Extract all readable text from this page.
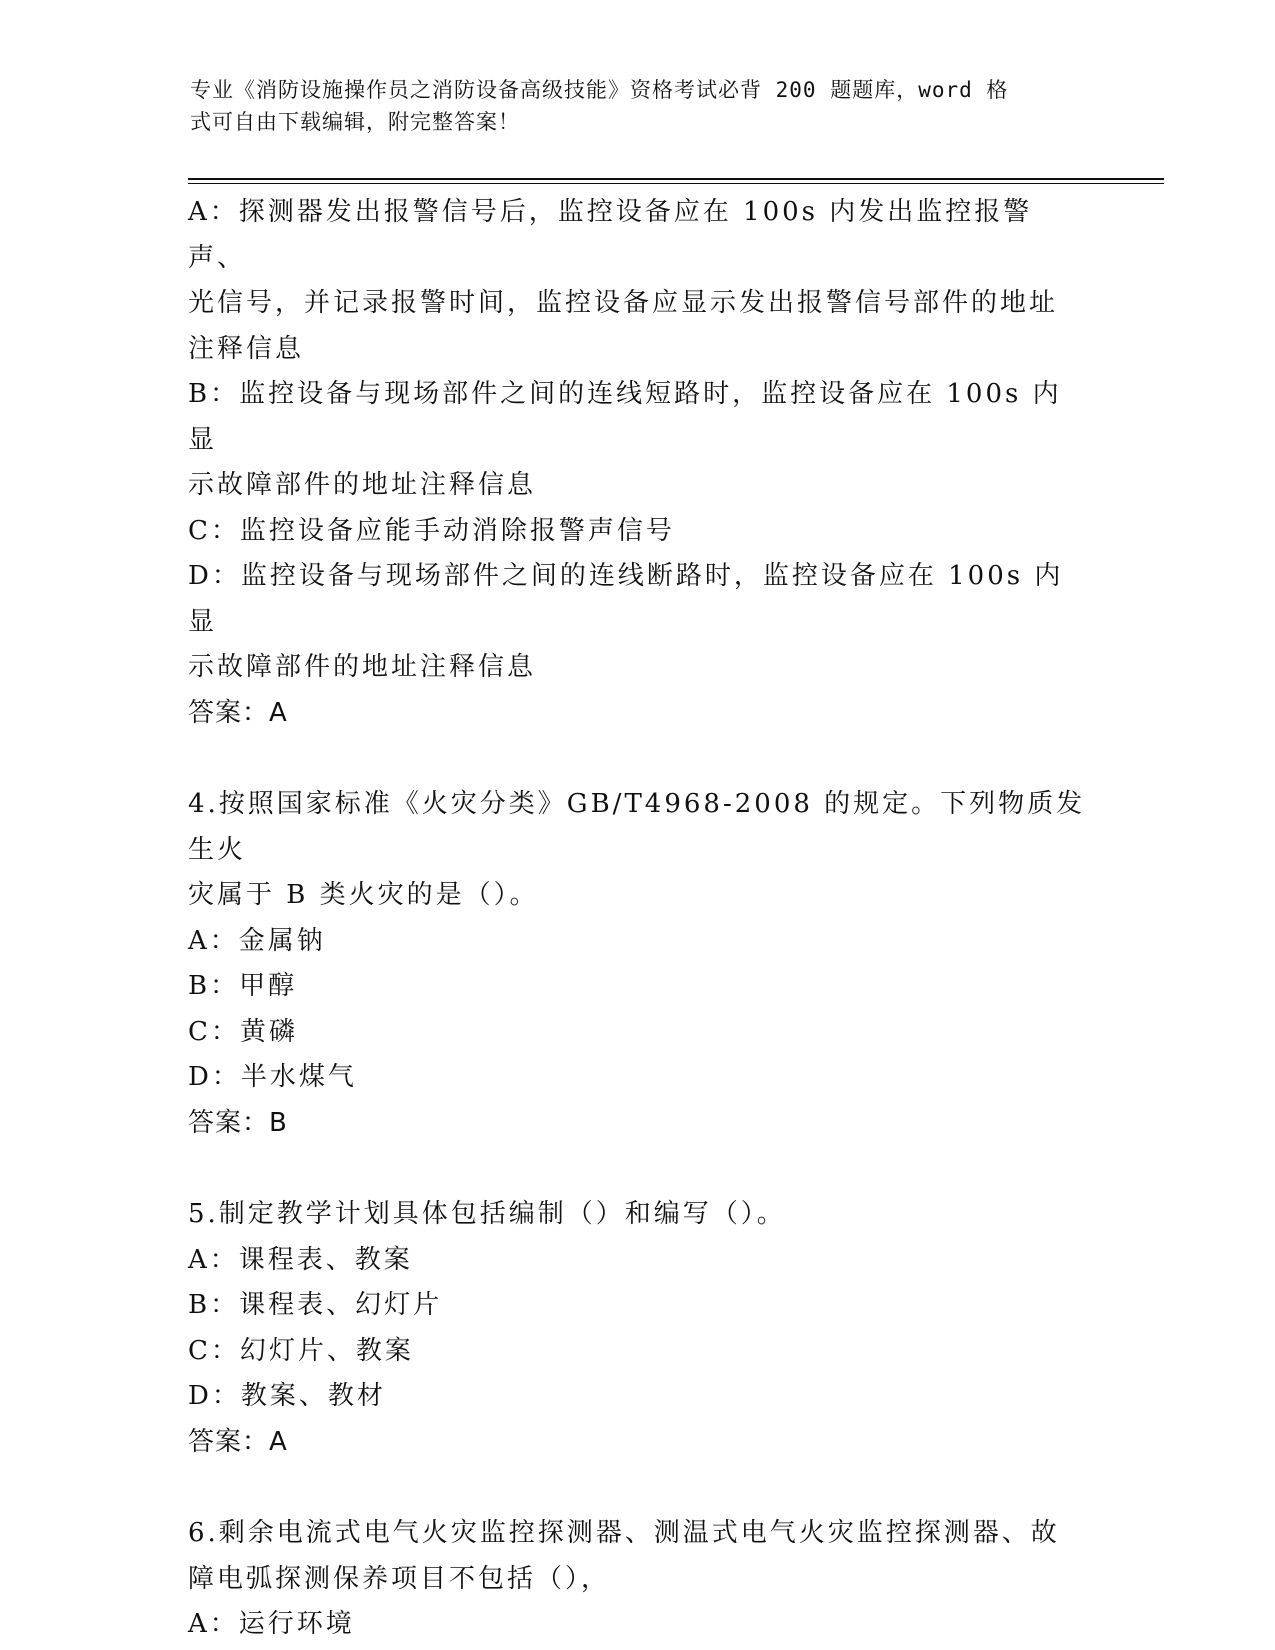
专业《消防设施操作员之消防设备高级技能》资格考试必背 200 题题库，word 格
式可自由下载编辑，附完整答案！
A：探测器发出报警信号后，监控设备应在 100s 内发出监控报警声、
光信号，并记录报警时间，监控设备应显示发出报警信号部件的地址
注释信息
B：监控设备与现场部件之间的连线短路时，监控设备应在 100s 内显
示故障部件的地址注释信息
C：监控设备应能手动消除报警声信号
D：监控设备与现场部件之间的连线断路时，监控设备应在 100s 内显
示故障部件的地址注释信息
答案：A
4.按照国家标准《火灾分类》GB/T4968-2008 的规定。下列物质发生火
灾属于 B 类火灾的是（）。
A：金属钠
B：甲醇
C：黄磷
D：半水煤气
答案：B
5.制定教学计划具体包括编制（）和编写（）。
A：课程表、教案
B：课程表、幻灯片
C：幻灯片、教案
D：教案、教材
答案：A
6.剩余电流式电气火灾监控探测器、测温式电气火灾监控探测器、故
障电弧探测保养项目不包括（），
A：运行环境
